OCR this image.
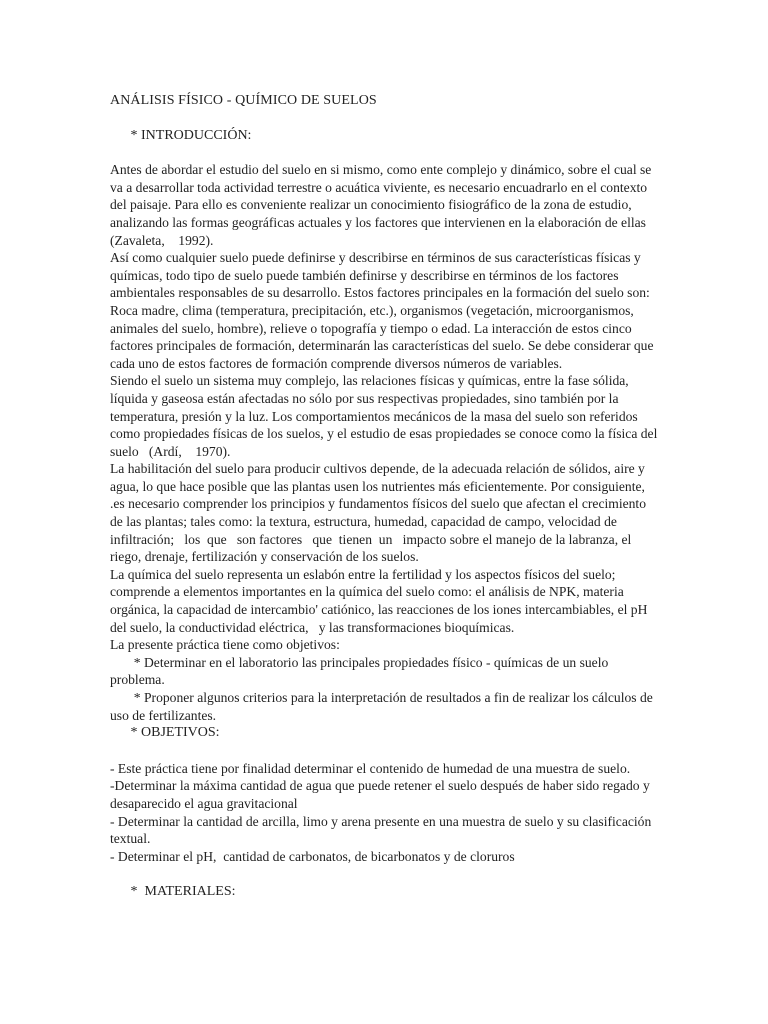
ANÁLISIS FÍSICO - QUÍMICO DE SUELOS

* INTRODUCCIÓN:

Antes de abordar el estudio del suelo en si mismo, como ente complejo y dinámico, sobre el cual se va a desarrollar toda actividad terrestre o acuática viviente, es necesario encuadrarlo en el contexto del paisaje. Para ello es conveniente realizar un conocimiento fisiográfico de la zona de estudio, analizando las formas geográficas actuales y los factores que intervienen en la elaboración de ellas   (Zavaleta,    1992).

Así como cualquier suelo puede definirse y describirse en términos de sus características físicas y químicas, todo tipo de suelo puede también definirse y describirse en términos de los factores ambientales responsables de su desarrollo. Estos factores principales en la formación del suelo son: Roca madre, clima (temperatura, precipitación, etc.), organismos (vegetación, microorganismos, animales del suelo, hombre), relieve o topografía y tiempo o edad. La interacción de estos cinco factores principales de formación, determinarán las características del suelo. Se debe considerar que cada uno de estos factores de formación comprende diversos números de variables.

Siendo el suelo un sistema muy complejo, las relaciones físicas y químicas, entre la fase sólida, líquida y gaseosa están afectadas no sólo por sus respectivas propiedades, sino también por la temperatura, presión y la luz. Los comportamientos mecánicos de la masa del suelo son referidos como propiedades físicas de los suelos, y el estudio de esas propiedades se conoce como la física del suelo   (Ardí,    1970).

La habilitación del suelo para producir cultivos depende, de la adecuada relación de sólidos, aire y agua, lo que hace posible que las plantas usen los nutrientes más eficientemente. Por consiguiente, .es necesario comprender los principios y fundamentos físicos del suelo que afectan el crecimiento de las plantas; tales como: la textura, estructura, humedad, capacidad de campo, velocidad de infiltración;   los  que   son factores   que  tienen  un   impacto sobre el manejo de la labranza, el riego, drenaje, fertilización y conservación de los suelos.

La química del suelo representa un eslabón entre la fertilidad y los aspectos físicos del suelo; comprende a elementos importantes en la química del suelo como: el análisis de NPK, materia orgánica, la capacidad de intercambio' catiónico, las reacciones de los iones intercambiables, el pH del suelo, la conductividad eléctrica,   y las transformaciones bioquímicas.

La presente práctica tiene como objetivos:

* Determinar en el laboratorio las principales propiedades físico - químicas de un suelo problema.

* Proponer algunos criterios para la interpretación de resultados a fin de realizar los cálculos de uso de fertilizantes.

* OBJETIVOS:

- Este práctica tiene por finalidad determinar el contenido de humedad de una muestra de suelo.

-Determinar la máxima cantidad de agua que puede retener el suelo después de haber sido regado y desaparecido el agua gravitacional

- Determinar la cantidad de arcilla, limo y arena presente en una muestra de suelo y su clasificación textual.

- Determinar el pH,  cantidad de carbonatos, de bicarbonatos y de cloruros

*  MATERIALES:
